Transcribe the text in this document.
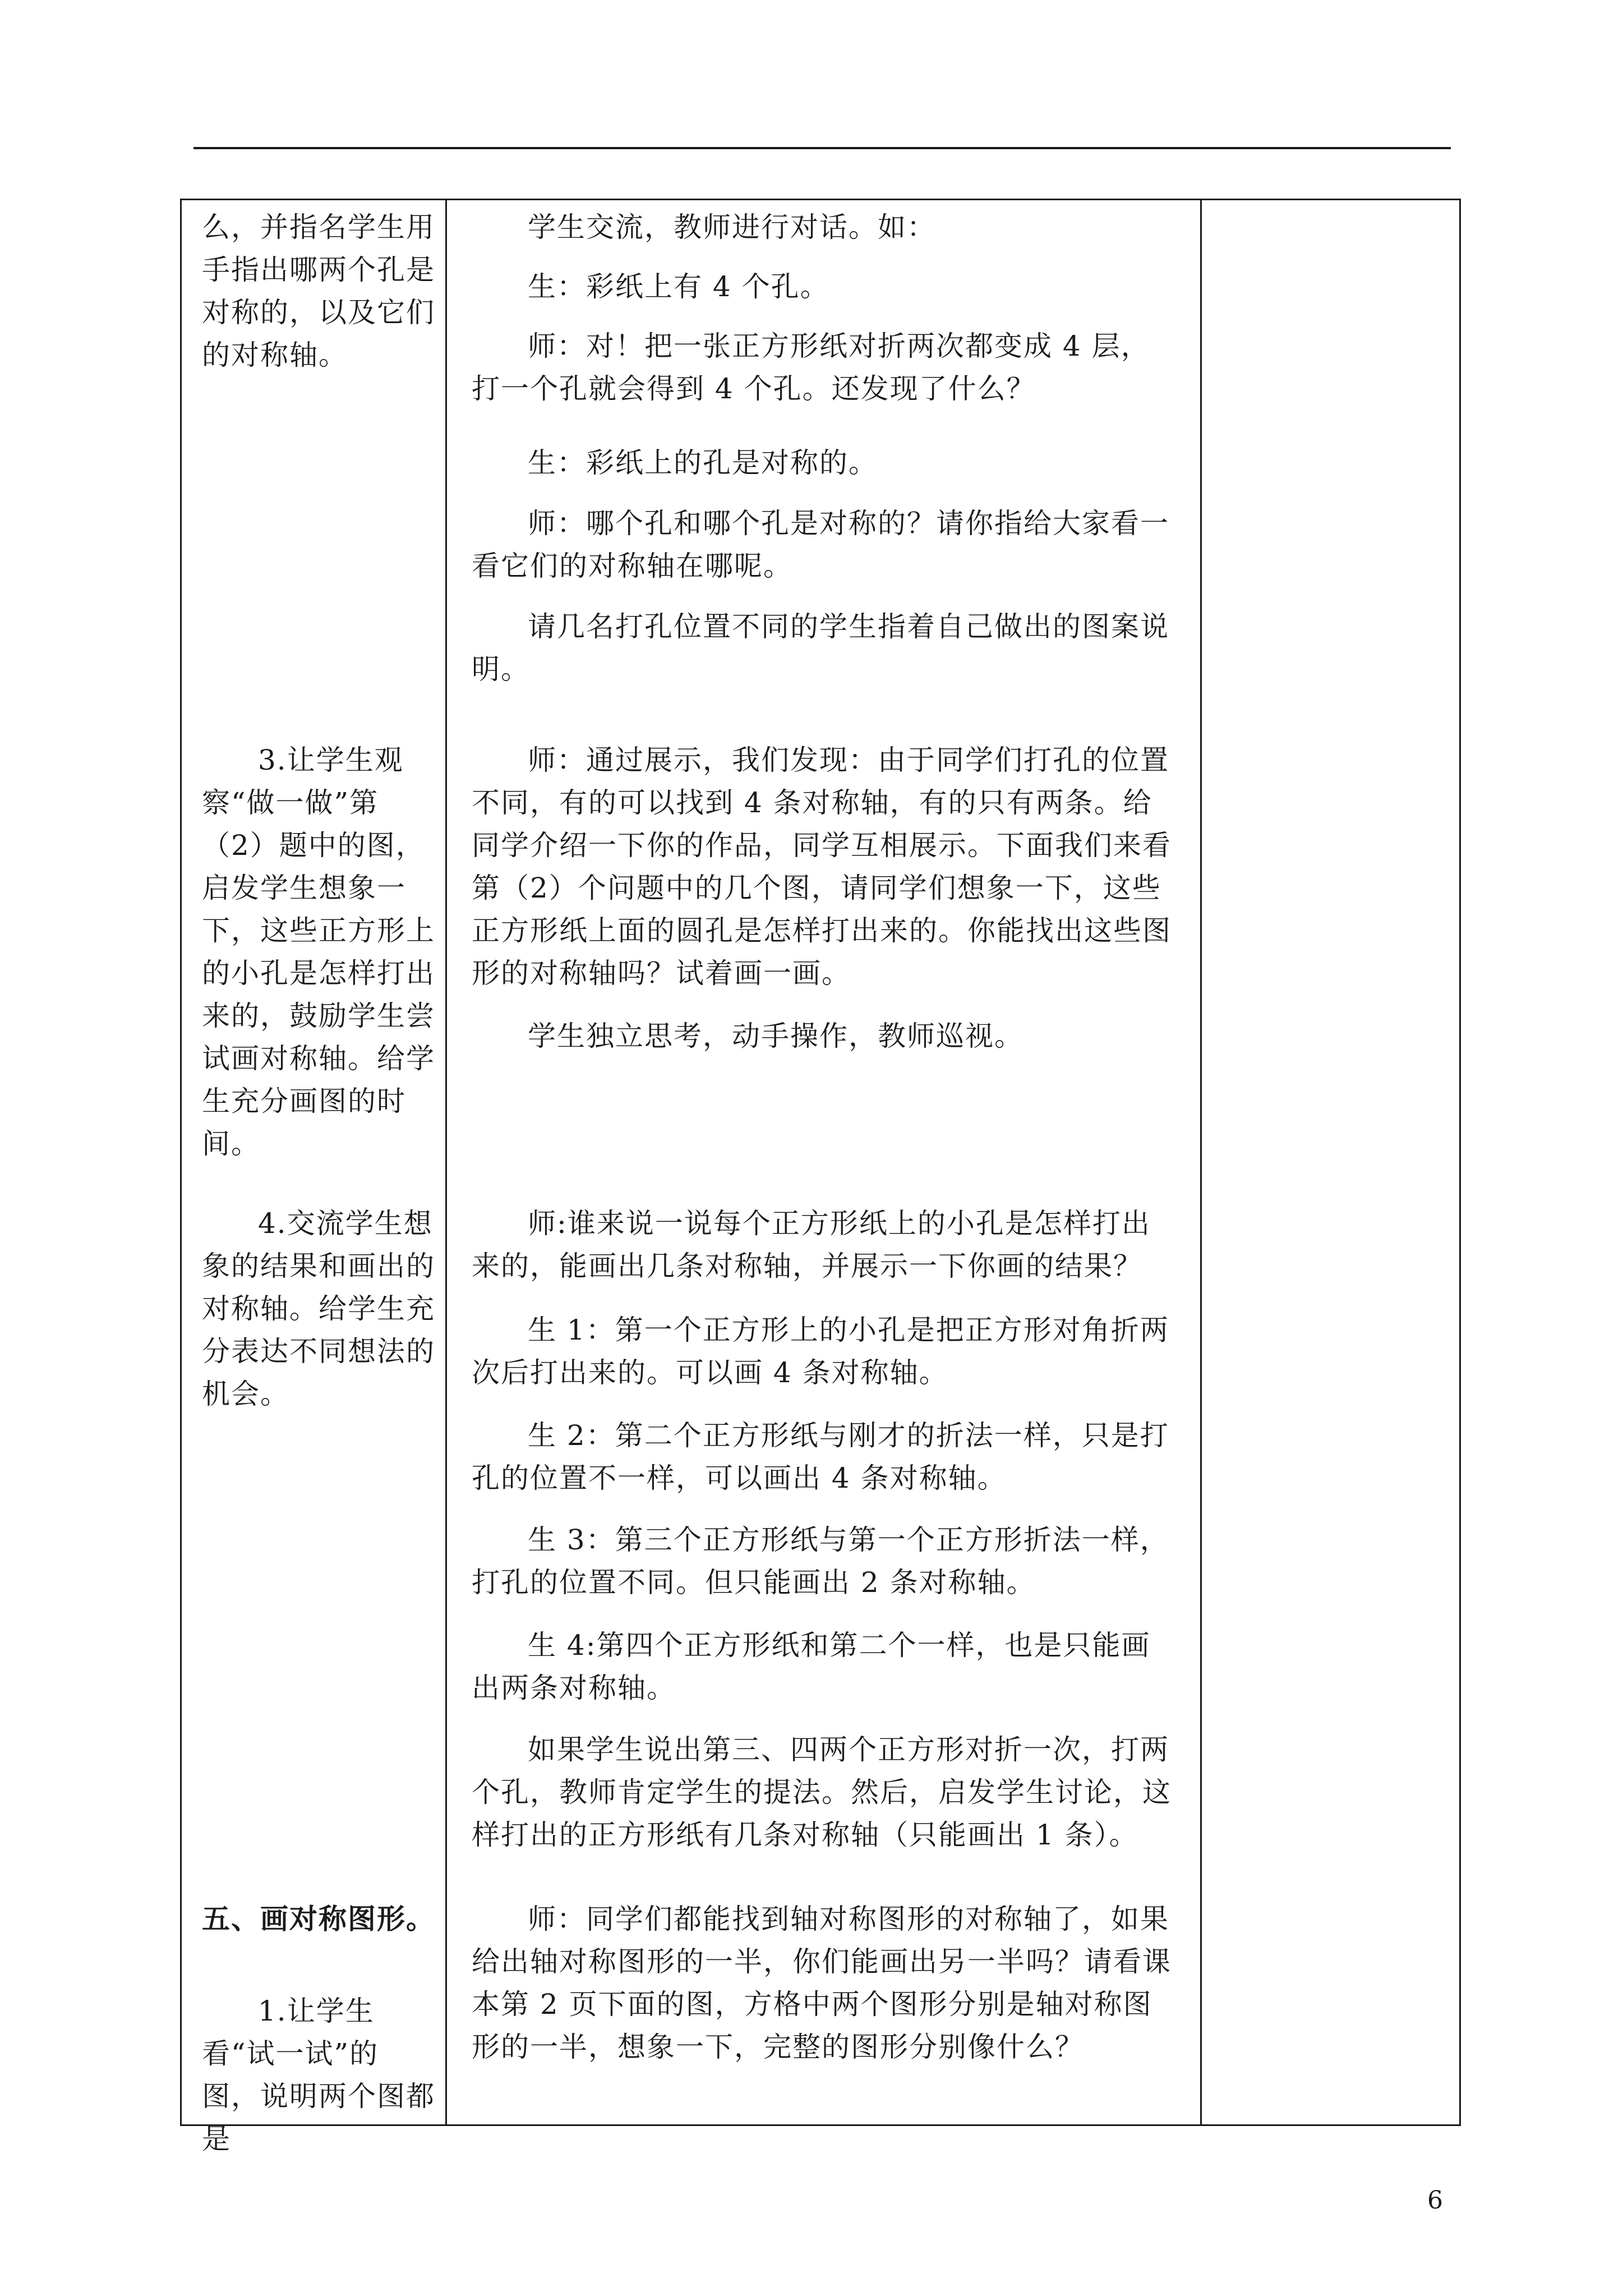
么，并指名学生用手指出哪两个孔是对称的，以及它们的对称轴。

3.让学生观察“做一做”第（2）题中的图，启发学生想象一下，这些正方形上的小孔是怎样打出来的，鼓励学生尝试画对称轴。给学生充分画图的时间。

4.交流学生想象的结果和画出的对称轴。给学生充分表达不同想法的机会。

五、画对称图形。

1.让学生看“试一试”的图，说明两个图都是

学生交流，教师进行对话。如：

生：彩纸上有 4 个孔。

师：对！把一张正方形纸对折两次都变成 4 层，打一个孔就会得到 4 个孔。还发现了什么？

生：彩纸上的孔是对称的。

师：哪个孔和哪个孔是对称的？请你指给大家看一看它们的对称轴在哪呢。

请几名打孔位置不同的学生指着自己做出的图案说明。

师：通过展示，我们发现：由于同学们打孔的位置不同，有的可以找到 4 条对称轴，有的只有两条。给同学介绍一下你的作品，同学互相展示。下面我们来看第（2）个问题中的几个图，请同学们想象一下，这些正方形纸上面的圆孔是怎样打出来的。你能找出这些图形的对称轴吗？试着画一画。

学生独立思考，动手操作，教师巡视。

师:谁来说一说每个正方形纸上的小孔是怎样打出来的，能画出几条对称轴，并展示一下你画的结果？

生 1：第一个正方形上的小孔是把正方形对角折两次后打出来的。可以画 4 条对称轴。

生 2：第二个正方形纸与刚才的折法一样，只是打孔的位置不一样，可以画出 4 条对称轴。

生 3：第三个正方形纸与第一个正方形折法一样，打孔的位置不同。但只能画出 2 条对称轴。

生 4:第四个正方形纸和第二个一样，也是只能画出两条对称轴。

如果学生说出第三、四两个正方形对折一次，打两个孔，教师肯定学生的提法。然后，启发学生讨论，这样打出的正方形纸有几条对称轴（只能画出 1 条）。

师：同学们都能找到轴对称图形的对称轴了，如果给出轴对称图形的一半，你们能画出另一半吗？请看课本第 2 页下面的图，方格中两个图形分别是轴对称图形的一半，想象一下，完整的图形分别像什么？

6
